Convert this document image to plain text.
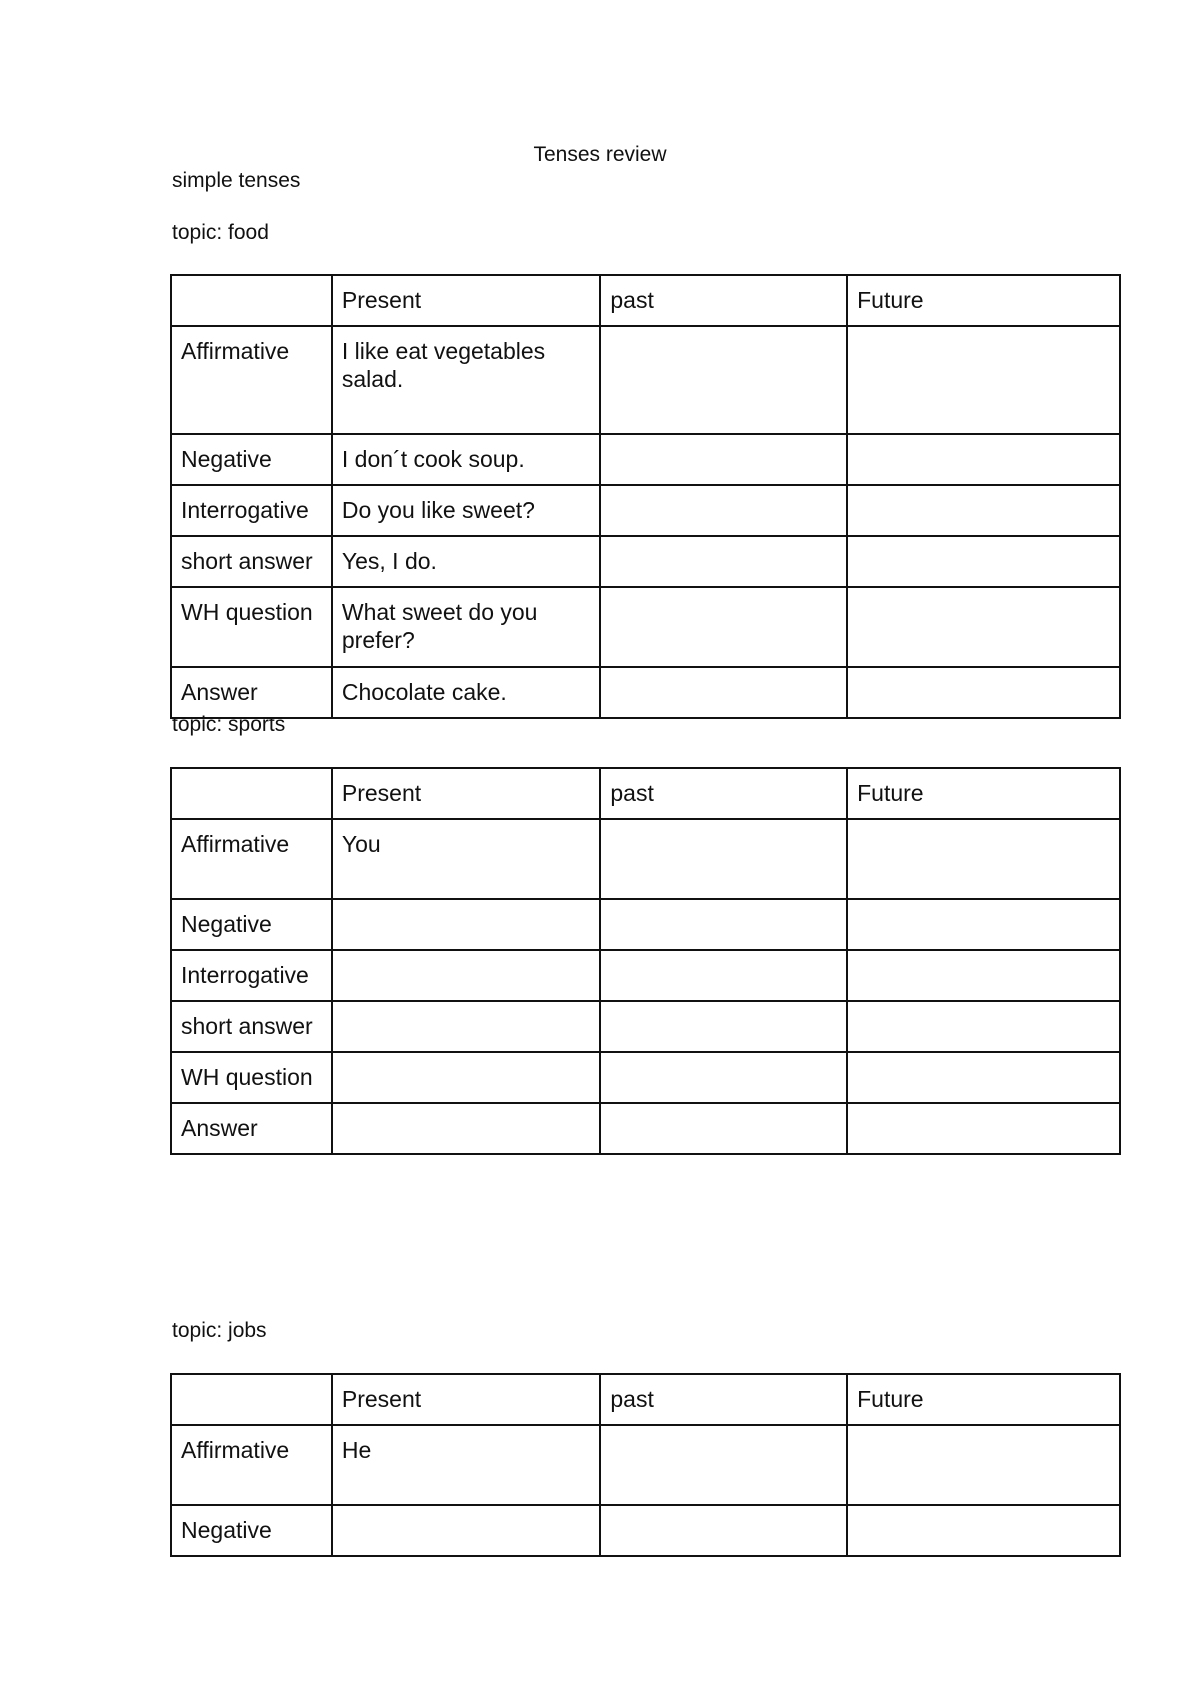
Tenses review
simple tenses
topic: food
	Present	past	Future
Affirmative	I like eat vegetables salad.		
Negative	I don´t cook soup.		
Interrogative	Do you like sweet?		
short answer	Yes, I do.		
WH question	What sweet do you prefer?		
Answer	Chocolate cake.		
topic: sports
	Present	past	Future
Affirmative	You		
Negative			
Interrogative			
short answer			
WH question			
Answer			
topic: jobs
	Present	past	Future
Affirmative	He		
Negative			
